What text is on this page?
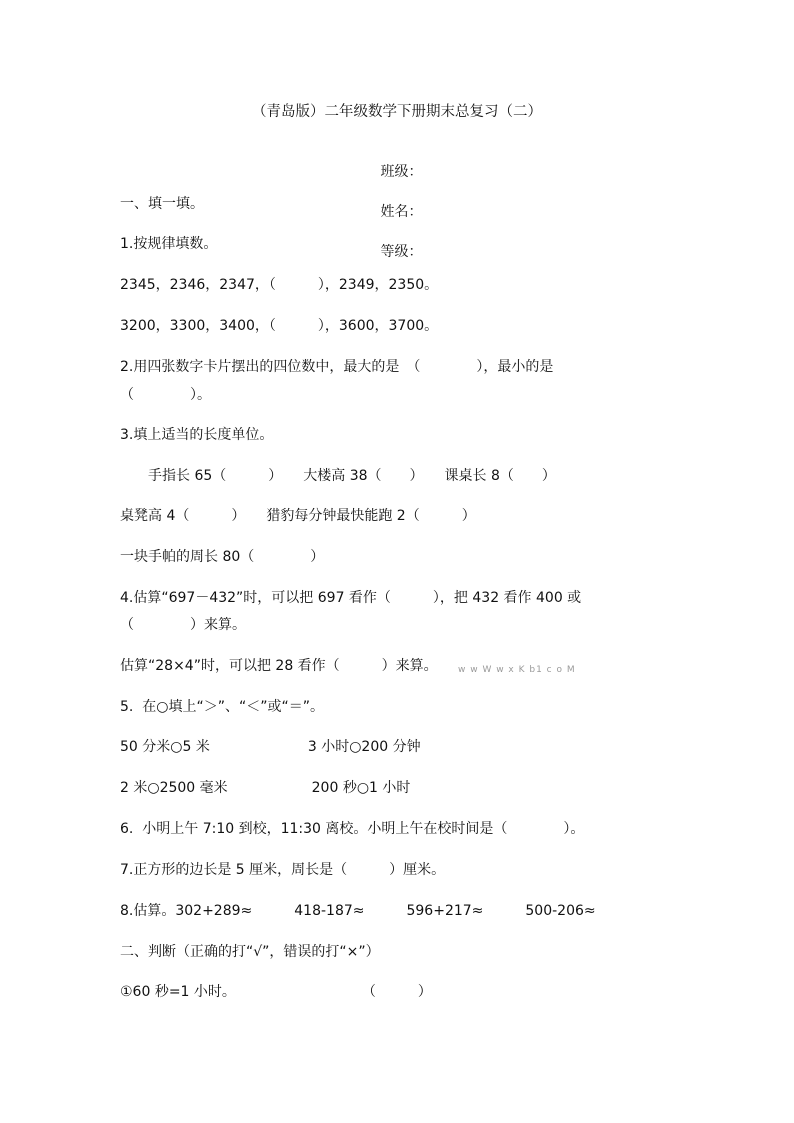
（青岛版）二年级数学下册期末总复习（二）

班级：

姓名：

等级：

一、填一填。
1.按规律填数。
2345，2346，2347，（　　　），2349，2350。
3200，3300，3400，（　　　），3600，3700。
2.用四张数字卡片摆出的四位数中，最大的是　（　　　　），最小的是
（　　　　）。
3.填上适当的长度单位。
　　手指长 65（　　　）　　大楼高 38（　　）　　课桌长 8（　　）
桌凳高 4（　　　）　　猎豹每分钟最快能跑 2（　　　）
一块手帕的周长 80（　　　　）
4.估算“697－432”时，可以把 697 看作（　　　），把 432 看作 400 或
（　　　　）来算。
估算“28×4”时，可以把 28 看作（　　　）来算。 w w W w x K b1 c o M
5.  在○填上“＞”、“＜”或“＝”。
50 分米○5 米　　　　　　　3 小时○200 分钟
2 米○2500 毫米　　　　　　200 秒○1 小时
6.  小明上午 7:10 到校，11:30 离校。小明上午在校时间是（　　　　）。
7.正方形的边长是 5 厘米，周长是（　　　）厘米。
8.估算。302+289≈　　　418-187≈　　　596+217≈　　　500-206≈
二、判断（正确的打“√”，错误的打“×”）
①60 秒=1 小时。　　　　　　　　　　（　　　）
